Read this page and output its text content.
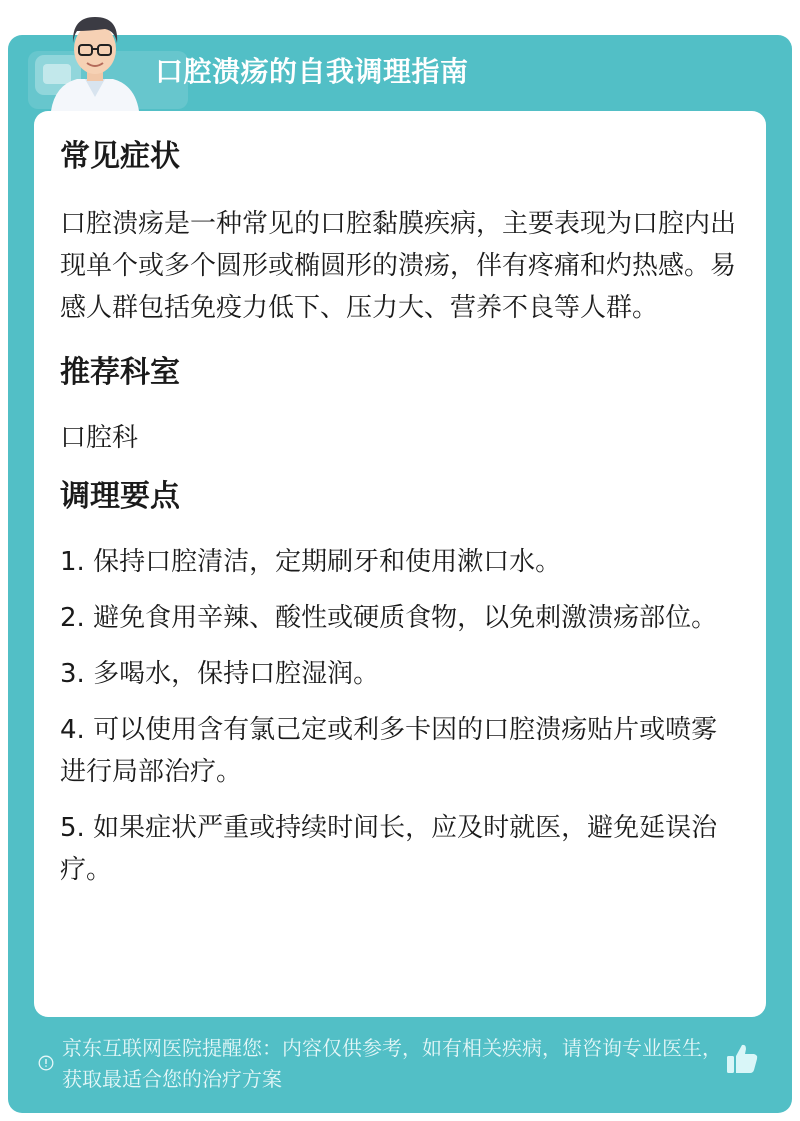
口腔溃疡的自我调理指南
常见症状

口腔溃疡是一种常见的口腔黏膜疾病，主要表现为口腔内出现单个或多个圆形或椭圆形的溃疡，伴有疼痛和灼热感。易感人群包括免疫力低下、压力大、营养不良等人群。

推荐科室

口腔科

调理要点

1. 保持口腔清洁，定期刷牙和使用漱口水。

2. 避免食用辛辣、酸性或硬质食物，以免刺激溃疡部位。

3. 多喝水，保持口腔湿润。

4. 可以使用含有氯己定或利多卡因的口腔溃疡贴片或喷雾进行局部治疗。

5. 如果症状严重或持续时间长，应及时就医，避免延误治疗。

京东互联网医院提醒您：内容仅供参考，如有相关疾病，请咨询专业医生，获取最适合您的治疗方案
